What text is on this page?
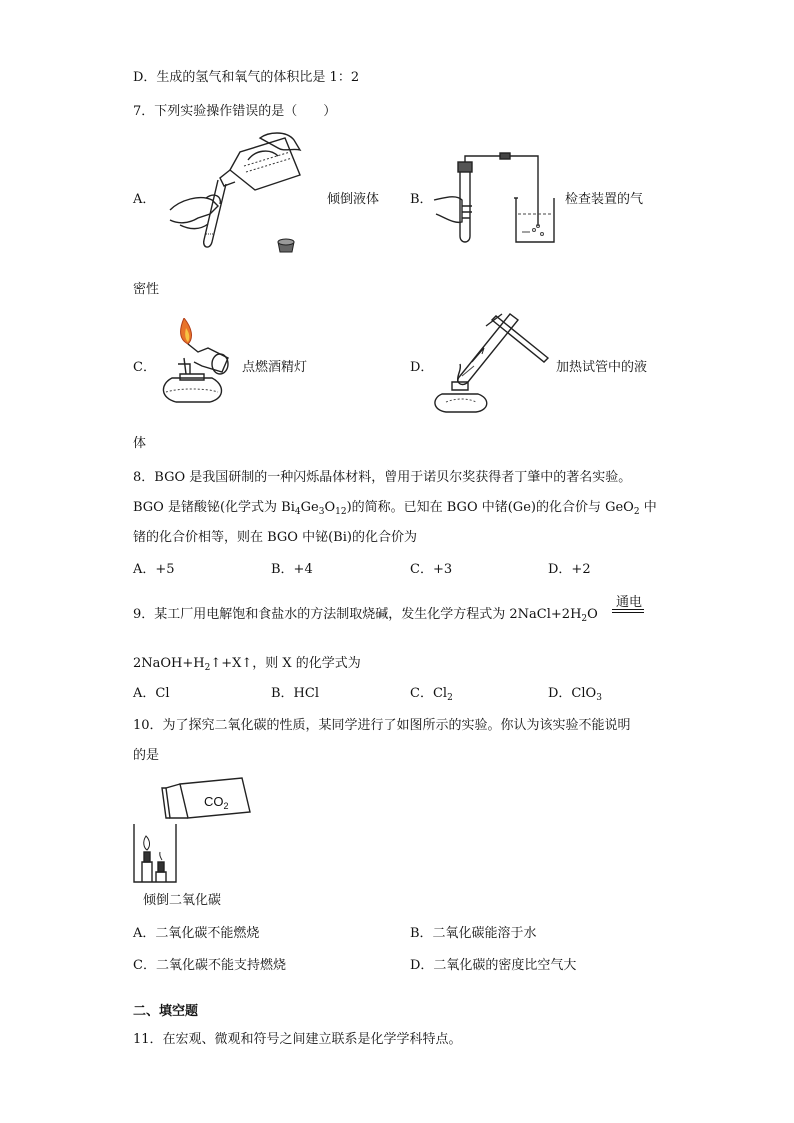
D．生成的氢气和氧气的体积比是 1：2
7．下列实验操作错误的是（　　）
A．	倾倒液体 B．	检查装置的气
密性
C．	点燃酒精灯	D．	加热试管中的液
体
8．BGO 是我国研制的一种闪烁晶体材料，曾用于诺贝尔奖获得者丁肇中的著名实验。
BGO 是锗酸铋(化学式为 $Bi_4Ge_3O_{12}$)的简称。已知在 BGO 中锗(Ge)的化合价与 GeO$_2$ 中
锗的化合价相等，则在 BGO 中铋(Bi)的化合价为
A．+5	B．+4	C．+3	D．+2
9．某工厂用电解饱和食盐水的方法制取烧碱，发生化学方程式为 $2NaCl+2H_2O$
通电
$2NaOH+H_2↑+X↑$，则 X 的化学式为
A．Cl	B．HCl	C．$Cl_2$	D．ClO$_3$
10．为了探究二氧化碳的性质，某同学进行了如图所示的实验。你认为该实验不能说明
的是
$CO_2$
倾倒二氧化碳
A．二氧化碳不能燃烧	B．二氧化碳能溶于水
C．二氧化碳不能支持燃烧	D．二氧化碳的密度比空气大
二、填空题
11．在宏观、微观和符号之间建立联系是化学学科特点。
